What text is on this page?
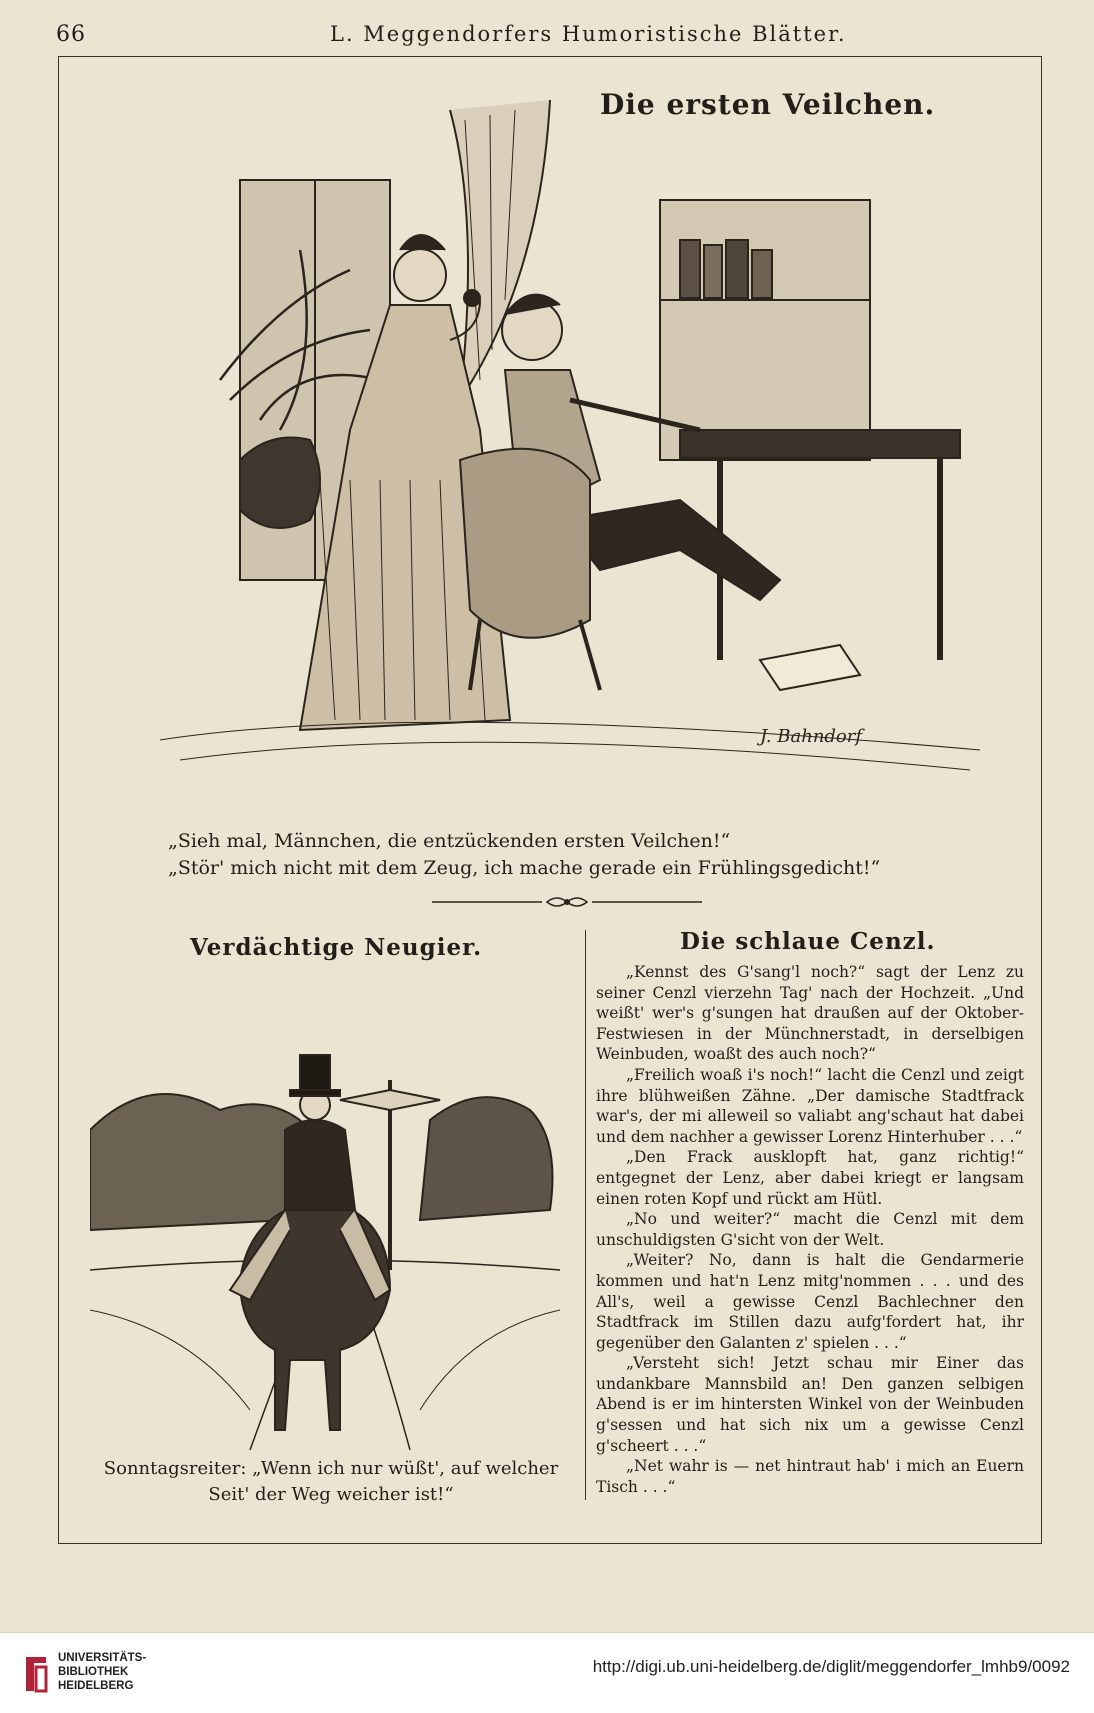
66	L. Meggendorfers Humoristische Blätter.
J. Bahndorf
Die ersten Veilchen.
„Sieh mal, Männchen, die entzückenden ersten Veilchen!“
„Stör' mich nicht mit dem Zeug, ich mache gerade ein Frühlingsgedicht!“
Verdächtige Neugier.
Sonntagsreiter: „Wenn ich nur wüßt', auf welcher
Seit' der Weg weicher ist!“
Die schlaue Cenzl.

„Kennst des G'sang'l noch?“ sagt der Lenz zu seiner Cenzl vierzehn Tag' nach der Hochzeit. „Und weißt' wer's g'sungen hat draußen auf der Oktober-Festwiesen in der Münchnerstadt, in derselbigen Weinbuden, woaßt des auch noch?“

„Freilich woaß i's noch!“ lacht die Cenzl und zeigt ihre blühweißen Zähne. „Der damische Stadtfrack war's, der mi alleweil so valiabt ang'schaut hat dabei und dem nachher a gewisser Lorenz Hinterhuber . . .“

„Den Frack ausklopft hat, ganz richtig!“ entgegnet der Lenz, aber dabei kriegt er langsam einen roten Kopf und rückt am Hütl.

„No und weiter?“ macht die Cenzl mit dem unschuldigsten G'sicht von der Welt.

„Weiter? No, dann is halt die Gendarmerie kommen und hat'n Lenz mitg'nommen . . . und des All's, weil a gewisse Cenzl Bachlechner den Stadtfrack im Stillen dazu aufg'fordert hat, ihr gegenüber den Galanten z' spielen . . .“

„Versteht sich! Jetzt schau mir Einer das undankbare Mannsbild an! Den ganzen selbigen Abend is er im hintersten Winkel von der Weinbuden g'sessen und hat sich nix um a gewisse Cenzl g'scheert . . .“

„Net wahr is — net hintraut hab' i mich an Euern Tisch . . .“

UNIVERSITÄTS-
BIBLIOTHEK
HEIDELBERG
http://digi.ub.uni-heidelberg.de/diglit/meggendorfer_lmhb9/0092
